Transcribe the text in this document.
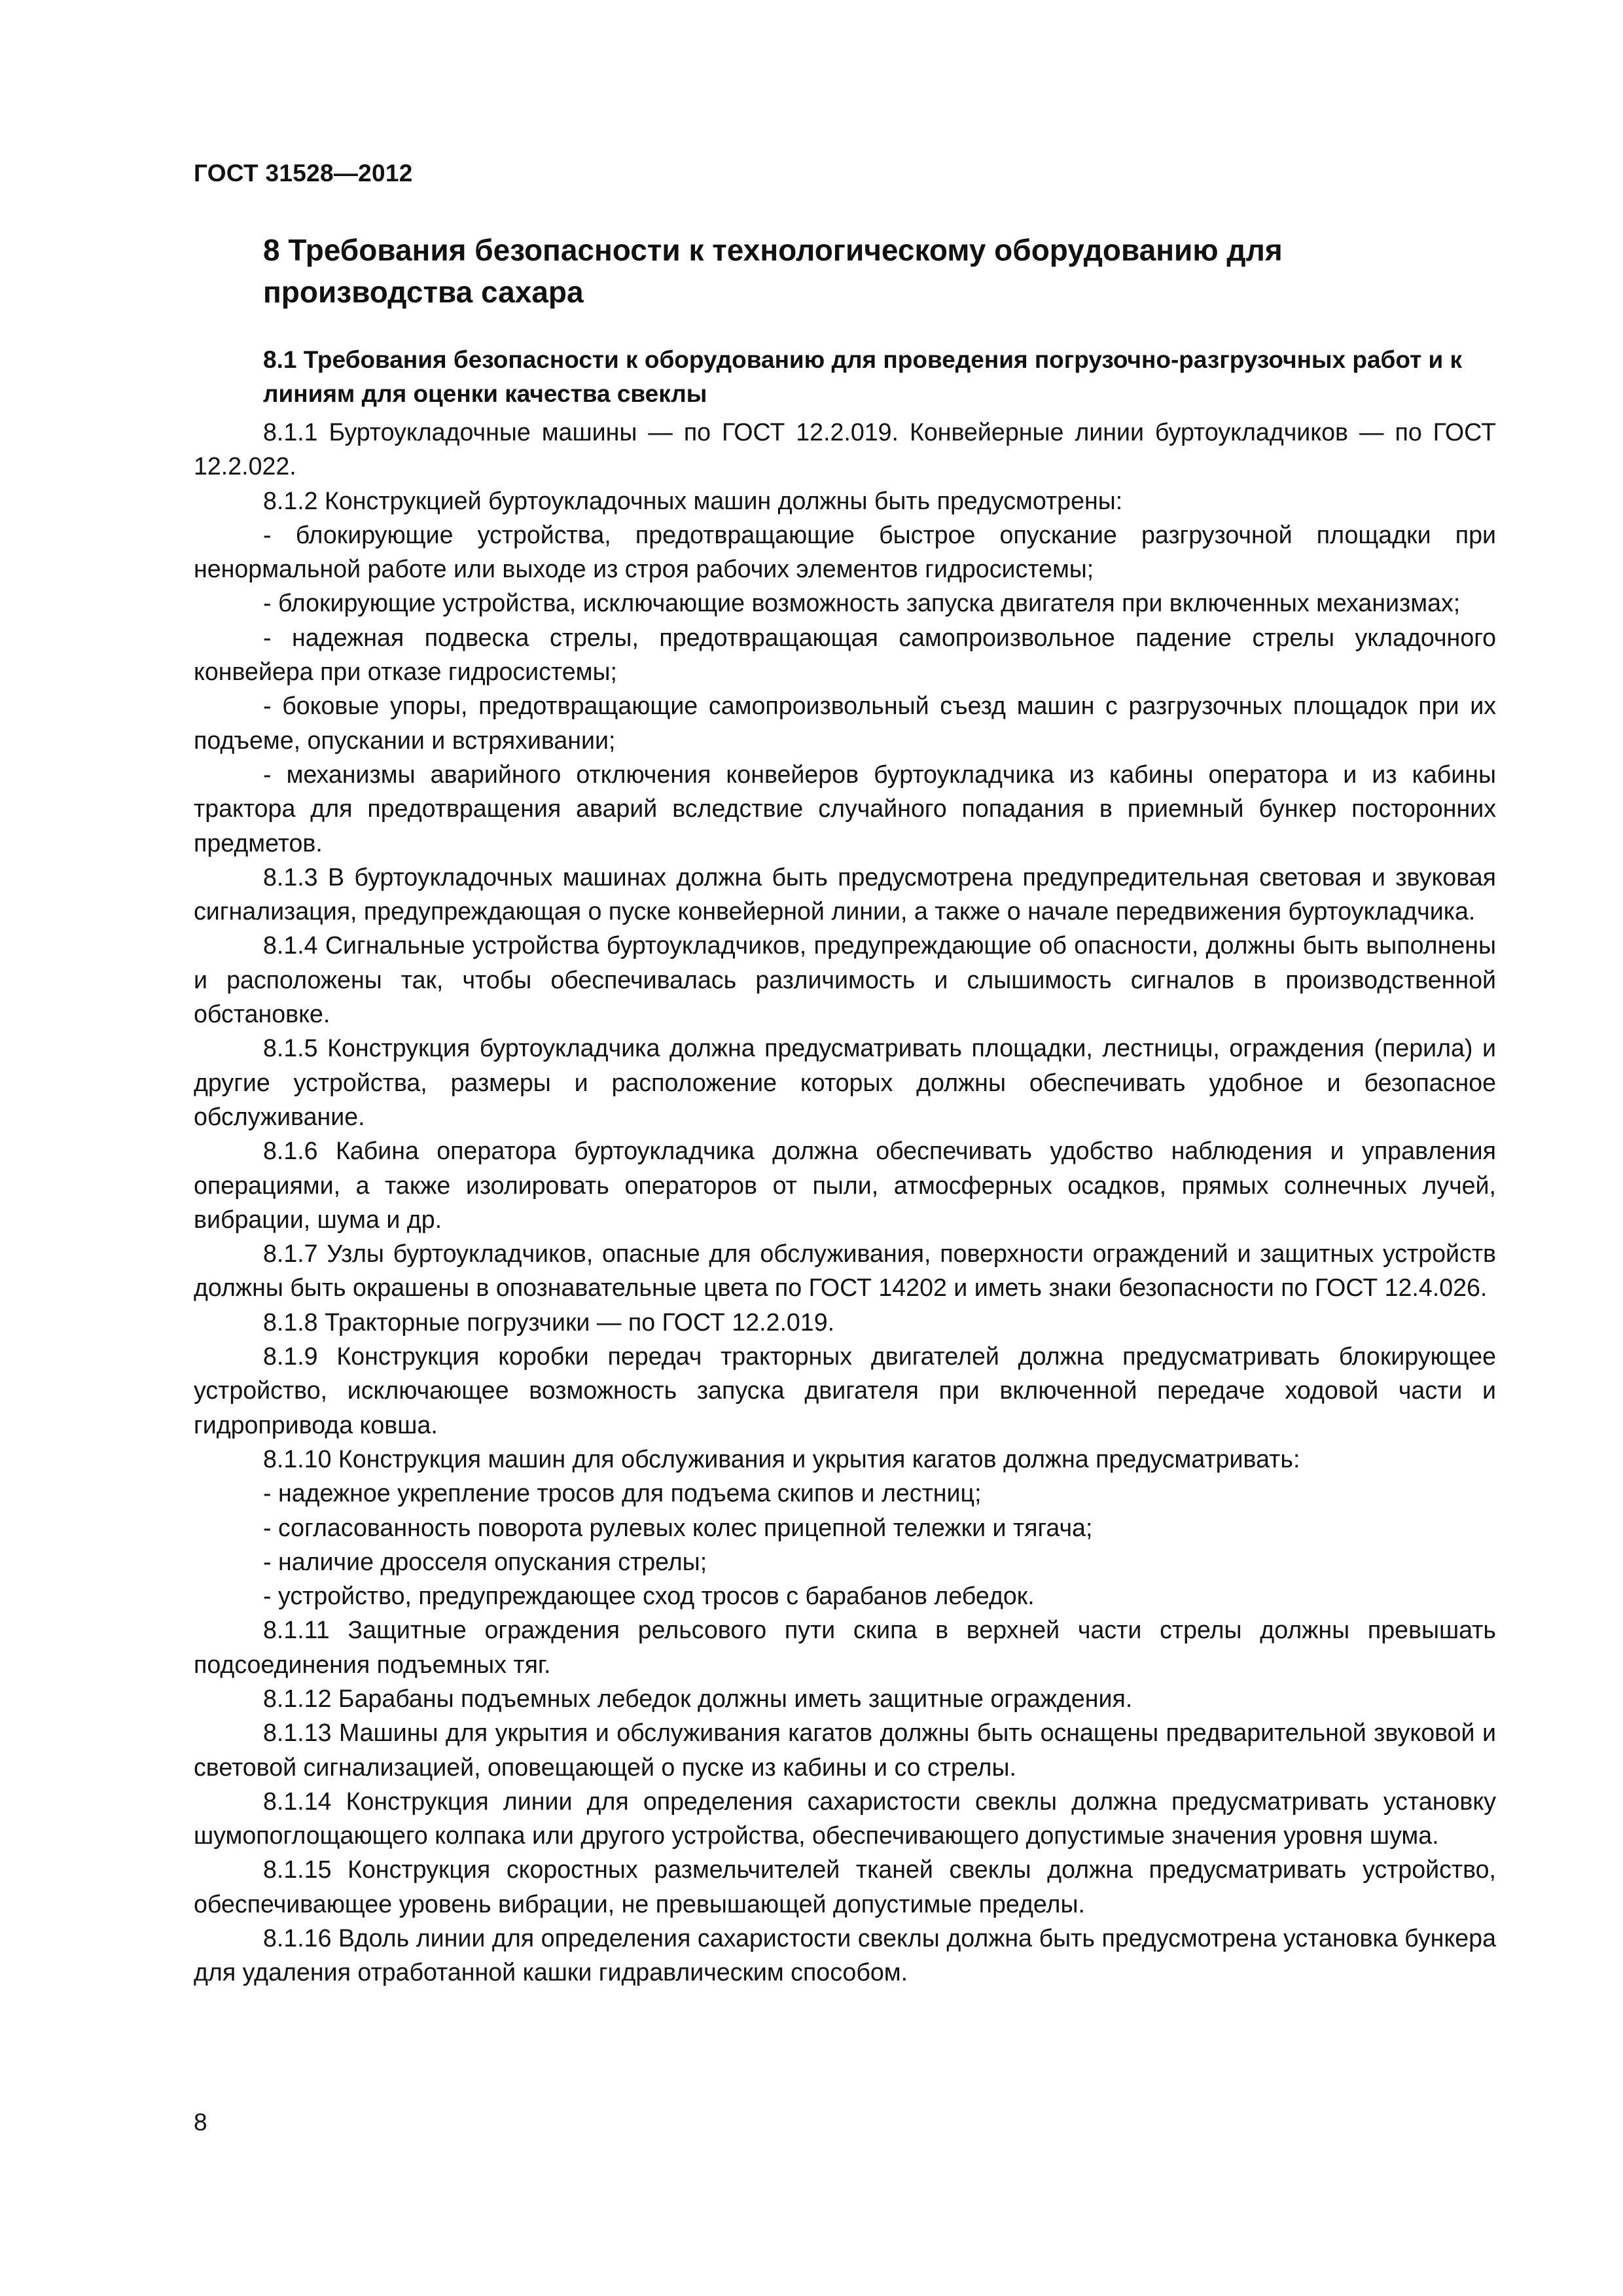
ГОСТ 31528—2012
8 Требования безопасности к технологическому оборудованию для производства сахара
8.1 Требования безопасности к оборудованию для проведения погрузочно-разгрузочных работ и к линиям для оценки качества свеклы

8.1.1 Буртоукладочные машины — по ГОСТ 12.2.019. Конвейерные линии буртоукладчиков — по ГОСТ 12.2.022.

8.1.2 Конструкцией буртоукладочных машин должны быть предусмотрены:

- блокирующие устройства, предотвращающие быстрое опускание разгрузочной площадки при ненормальной работе или выходе из строя рабочих элементов гидросистемы;

- блокирующие устройства, исключающие возможность запуска двигателя при включенных механизмах;

- надежная подвеска стрелы, предотвращающая самопроизвольное падение стрелы укладочного конвейера при отказе гидросистемы;

- боковые упоры, предотвращающие самопроизвольный съезд машин с разгрузочных площадок при их подъеме, опускании и встряхивании;

- механизмы аварийного отключения конвейеров буртоукладчика из кабины оператора и из кабины трактора для предотвращения аварий вследствие случайного попадания в приемный бункер посторонних предметов.

8.1.3 В буртоукладочных машинах должна быть предусмотрена предупредительная световая и звуковая сигнализация, предупреждающая о пуске конвейерной линии, а также о начале передвижения буртоукладчика.

8.1.4 Сигнальные устройства буртоукладчиков, предупреждающие об опасности, должны быть выполнены и расположены так, чтобы обеспечивалась различимость и слышимость сигналов в производственной обстановке.

8.1.5 Конструкция буртоукладчика должна предусматривать площадки, лестницы, ограждения (перила) и другие устройства, размеры и расположение которых должны обеспечивать удобное и безопасное обслуживание.

8.1.6 Кабина оператора буртоукладчика должна обеспечивать удобство наблюдения и управления операциями, а также изолировать операторов от пыли, атмосферных осадков, прямых солнечных лучей, вибрации, шума и др.

8.1.7 Узлы буртоукладчиков, опасные для обслуживания, поверхности ограждений и защитных устройств должны быть окрашены в опознавательные цвета по ГОСТ 14202 и иметь знаки безопасности по ГОСТ 12.4.026.

8.1.8 Тракторные погрузчики — по ГОСТ 12.2.019.

8.1.9 Конструкция коробки передач тракторных двигателей должна предусматривать блокирующее устройство, исключающее возможность запуска двигателя при включенной передаче ходовой части и гидропривода ковша.

8.1.10 Конструкция машин для обслуживания и укрытия кагатов должна предусматривать:

- надежное укрепление тросов для подъема скипов и лестниц;

- согласованность поворота рулевых колес прицепной тележки и тягача;

- наличие дросселя опускания стрелы;

- устройство, предупреждающее сход тросов с барабанов лебедок.

8.1.11 Защитные ограждения рельсового пути скипа в верхней части стрелы должны превышать подсоединения подъемных тяг.

8.1.12 Барабаны подъемных лебедок должны иметь защитные ограждения.

8.1.13 Машины для укрытия и обслуживания кагатов должны быть оснащены предварительной звуковой и световой сигнализацией, оповещающей о пуске из кабины и со стрелы.

8.1.14 Конструкция линии для определения сахаристости свеклы должна предусматривать установку шумопоглощающего колпака или другого устройства, обеспечивающего допустимые значения уровня шума.

8.1.15 Конструкция скоростных размельчителей тканей свеклы должна предусматривать устройство, обеспечивающее уровень вибрации, не превышающей допустимые пределы.

8.1.16 Вдоль линии для определения сахаристости свеклы должна быть предусмотрена установка бункера для удаления отработанной кашки гидравлическим способом.

8
